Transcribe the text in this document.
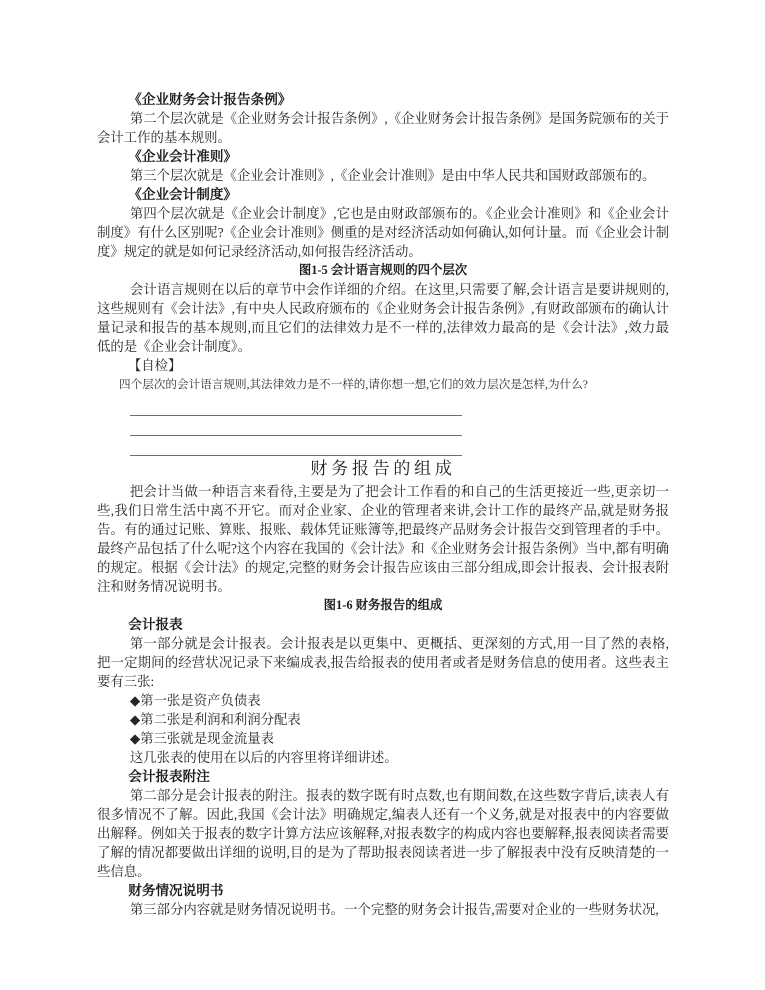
《企业财务会计报告条例》

第二个层次就是《企业财务会计报告条例》,《企业财务会计报告条例》是国务院颁布的关于会计工作的基本规则。

《企业会计准则》

第三个层次就是《企业会计准则》,《企业会计准则》是由中华人民共和国财政部颁布的。

《企业会计制度》

第四个层次就是《企业会计制度》,它也是由财政部颁布的。《企业会计准则》和《企业会计制度》有什么区别呢?《企业会计准则》侧重的是对经济活动如何确认,如何计量。而《企业会计制度》规定的就是如何记录经济活动,如何报告经济活动。

图1-5 会计语言规则的四个层次

会计语言规则在以后的章节中会作详细的介绍。在这里,只需要了解,会计语言是要讲规则的,这些规则有《会计法》,有中央人民政府颁布的《企业财务会计报告条例》,有财政部颁布的确认计量记录和报告的基本规则,而且它们的法律效力是不一样的,法律效力最高的是《会计法》,效力最低的是《企业会计制度》。

【自检】

四个层次的会计语言规则,其法律效力是不一样的,请你想一想,它们的效力层次是怎样,为什么?

财务报告的组成

把会计当做一种语言来看待,主要是为了把会计工作看的和自己的生活更接近一些,更亲切一些,我们日常生活中离不开它。而对企业家、企业的管理者来讲,会计工作的最终产品,就是财务报告。有的通过记账、算账、报账、载体凭证账簿等,把最终产品财务会计报告交到管理者的手中。最终产品包括了什么呢?这个内容在我国的《会计法》和《企业财务会计报告条例》当中,都有明确的规定。根据《会计法》的规定,完整的财务会计报告应该由三部分组成,即会计报表、会计报表附注和财务情况说明书。

图1-6 财务报告的组成
会计报表

第一部分就是会计报表。会计报表是以更集中、更概括、更深刻的方式,用一目了然的表格,把一定期间的经营状况记录下来编成表,报告给报表的使用者或者是财务信息的使用者。这些表主要有三张:

◆第一张是资产负债表

◆第二张是利润和利润分配表

◆第三张就是现金流量表

这几张表的使用在以后的内容里将详细讲述。

会计报表附注

第二部分是会计报表的附注。报表的数字既有时点数,也有期间数,在这些数字背后,读表人有很多情况不了解。因此,我国《会计法》明确规定,编表人还有一个义务,就是对报表中的内容要做出解释。例如关于报表的数字计算方法应该解释,对报表数字的构成内容也要解释,报表阅读者需要了解的情况都要做出详细的说明,目的是为了帮助报表阅读者进一步了解报表中没有反映清楚的一些信息。

财务情况说明书

第三部分内容就是财务情况说明书。一个完整的财务会计报告,需要对企业的一些财务状况,
